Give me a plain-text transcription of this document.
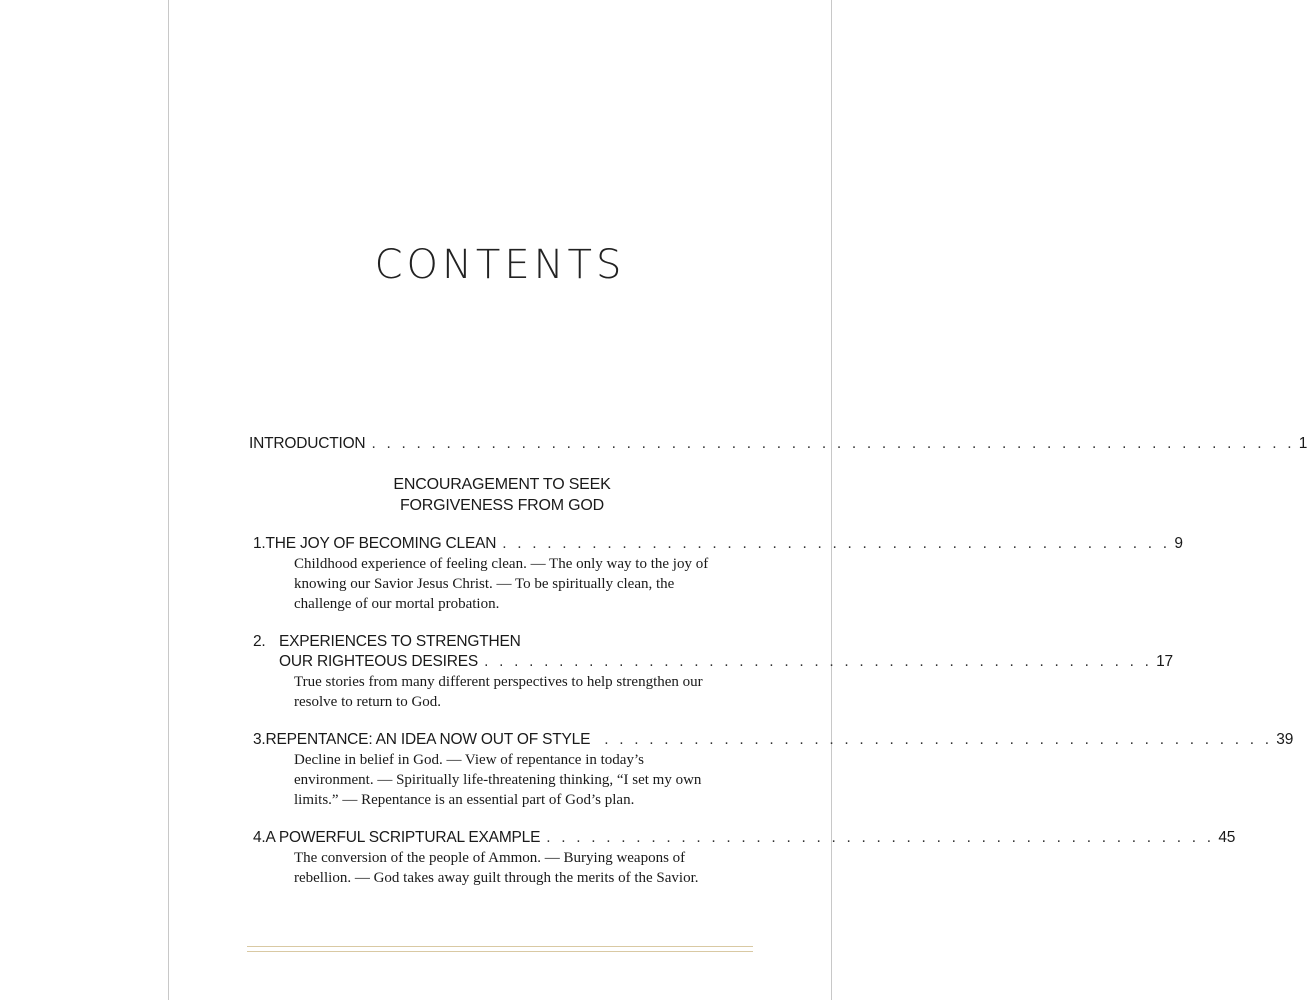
CONTENTS
INTRODUCTION . . . . . . . . . . . . . . . . . . . . . . . . . . . . . . . . . . . . . . . . . . . . . . . . . . . . . . . . . . . . . . 1
ENCOURAGEMENT TO SEEK
FORGIVENESS FROM GOD
1. THE JOY OF BECOMING CLEAN . . . . . . . . . . . . . . . . . . . . . . . . . . . . . . . . . . . . . . . . . . . . . 9
Childhood experience of feeling clean. — The only way to the joy of knowing our Savior Jesus Christ. — To be spiritually clean, the challenge of our mortal probation.
2. EXPERIENCES TO STRENGTHEN
OUR RIGHTEOUS DESIRES . . . . . . . . . . . . . . . . . . . . . . . . . . . . . . . . . . . . . . . . . . . . . 17
True stories from many different perspectives to help strengthen our resolve to return to God.
3. REPENTANCE: AN IDEA NOW OUT OF STYLE . . . . . . . . . . . . . . . . . . . . . . . . . . . . . . . . . . . . . . . . . . . . . 39
Decline in belief in God. — View of repentance in today’s environment. — Spiritually life-threatening thinking, “I set my own limits.” — Repentance is an essential part of God’s plan.
4. A POWERFUL SCRIPTURAL EXAMPLE . . . . . . . . . . . . . . . . . . . . . . . . . . . . . . . . . . . . . . . . . . . . . 45
The conversion of the people of Ammon. — Burying weapons of rebellion. — God takes away guilt through the merits of the Savior.
